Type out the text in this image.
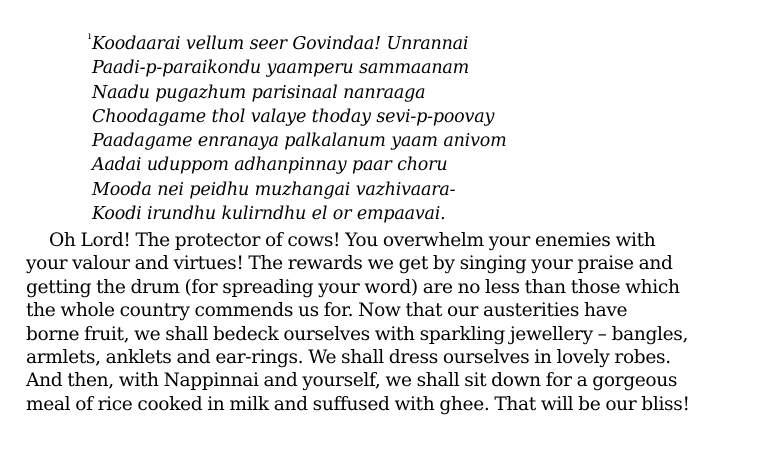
ı Koodaarai vellum seer Govindaa! Unrannai
Paadi-p-paraikondu yaamperu sammaanam
Naadu pugazhum parisinaal nanraaga
Choodagame thol valaye thoday sevi-p-poovay
Paadagame enranaya palkalanum yaam anivom
Aadai uduppom adhanpinnay paar choru
Mooda nei peidhu muzhangai vazhivaara-
Koodi irundhu kulirndhu el or empaavai.
Oh Lord! The protector of cows! You overwhelm your enemies with
your valour and virtues! The rewards we get by singing your praise and
getting the drum (for spreading your word) are no less than those which
the whole country commends us for. Now that our austerities have
borne fruit, we shall bedeck ourselves with sparkling jewellery – bangles,
armlets, anklets and ear-rings. We shall dress ourselves in lovely robes.
And then, with Nappinnai and yourself, we shall sit down for a gorgeous
meal of rice cooked in milk and suffused with ghee. That will be our bliss!
